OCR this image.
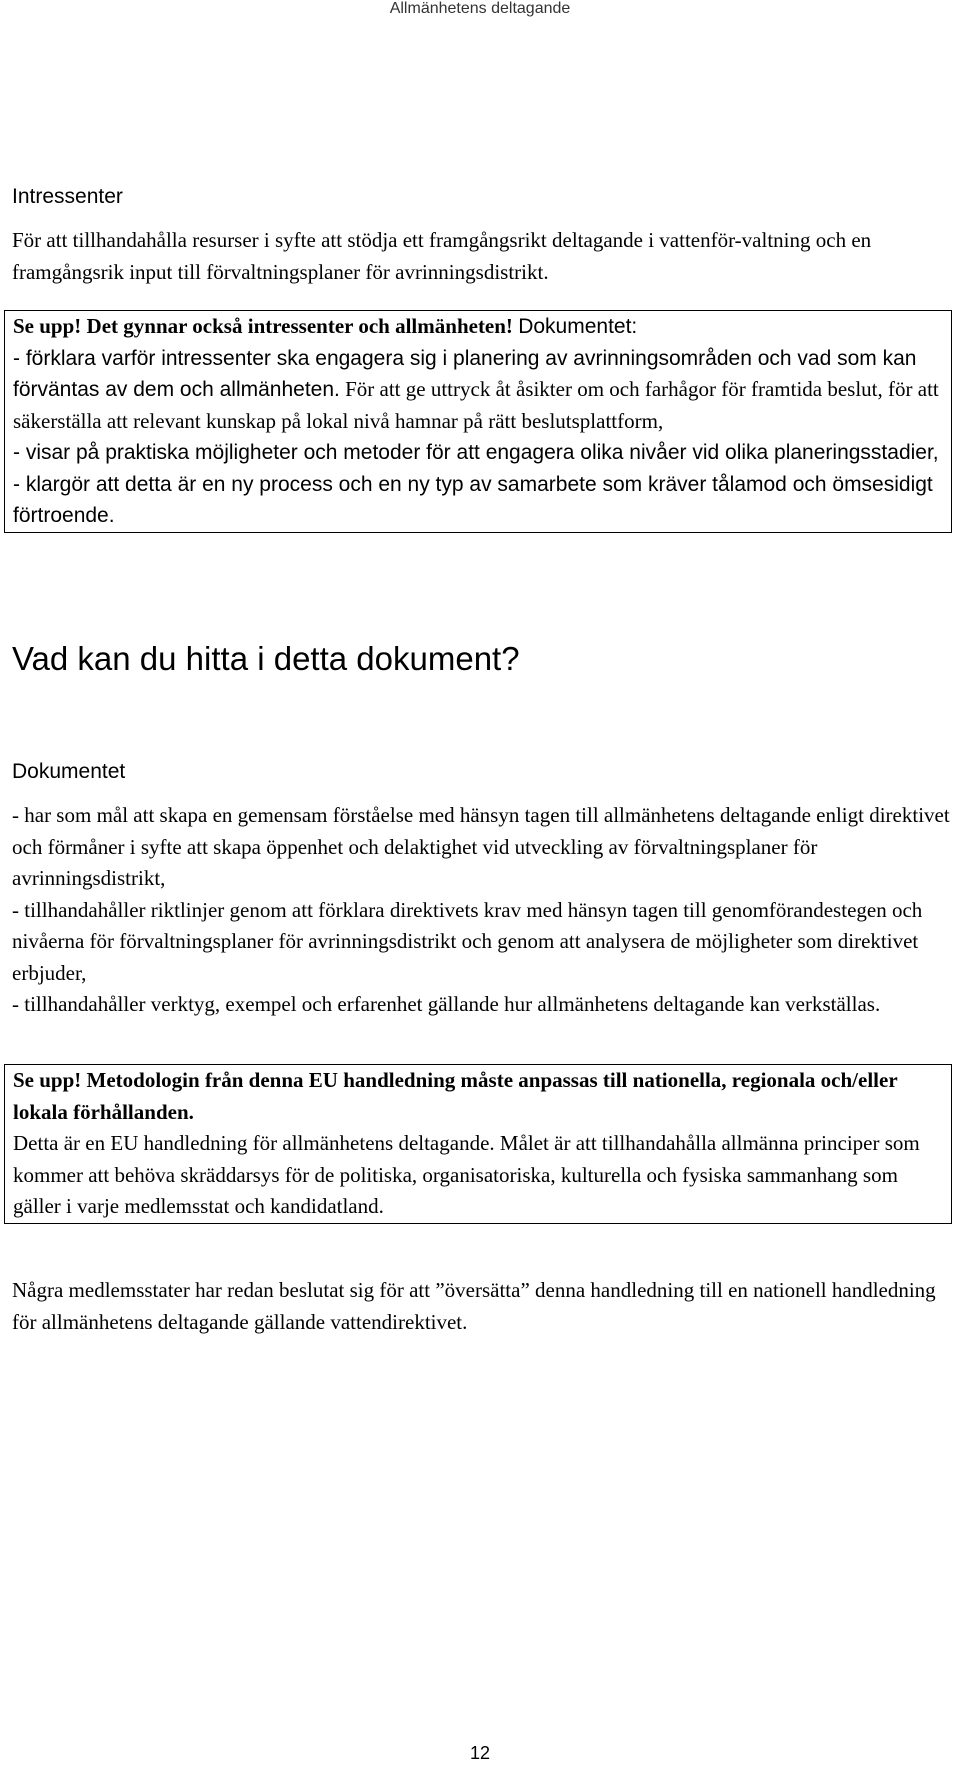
Allmänhetens deltagande
Intressenter

För att tillhandahålla resurser i syfte att stödja ett framgångsrikt deltagande i vattenför-valtning och en framgångsrik input till förvaltningsplaner för avrinningsdistrikt.

Se upp! Det gynnar också intressenter och allmänheten! Dokumentet:
- förklara varför intressenter ska engagera sig i planering av avrinningsområden och vad som kan förväntas av dem och allmänheten. För att ge uttryck åt åsikter om och farhågor för framtida beslut, för att säkerställa att relevant kunskap på lokal nivå hamnar på rätt beslutsplattform,

- visar på praktiska möjligheter och metoder för att engagera olika nivåer vid olika planeringsstadier,

- klargör att detta är en ny process och en ny typ av samarbete som kräver tålamod och ömsesidigt förtroende.

Vad kan du hitta i detta dokument?
Dokumentet

- har som mål att skapa en gemensam förståelse med hänsyn tagen till allmänhetens deltagande enligt direktivet och förmåner i syfte att skapa öppenhet och delaktighet vid utveckling av förvaltningsplaner för avrinningsdistrikt,

- tillhandahåller riktlinjer genom att förklara direktivets krav med hänsyn tagen till genomförandestegen och nivåerna för förvaltningsplaner för avrinningsdistrikt och genom att analysera de möjligheter som direktivet erbjuder,

- tillhandahåller verktyg, exempel och erfarenhet gällande hur allmänhetens deltagande kan verkställas.

Se upp! Metodologin från denna EU handledning måste anpassas till nationella, regionala och/eller lokala förhållanden.

Detta är en EU handledning för allmänhetens deltagande. Målet är att tillhandahålla allmänna principer som kommer att behöva skräddarsys för de politiska, organisatoriska, kulturella och fysiska sammanhang som gäller i varje medlemsstat och kandidatland.

Några medlemsstater har redan beslutat sig för att ”översätta” denna handledning till en nationell handledning för allmänhetens deltagande gällande vattendirektivet.

12
